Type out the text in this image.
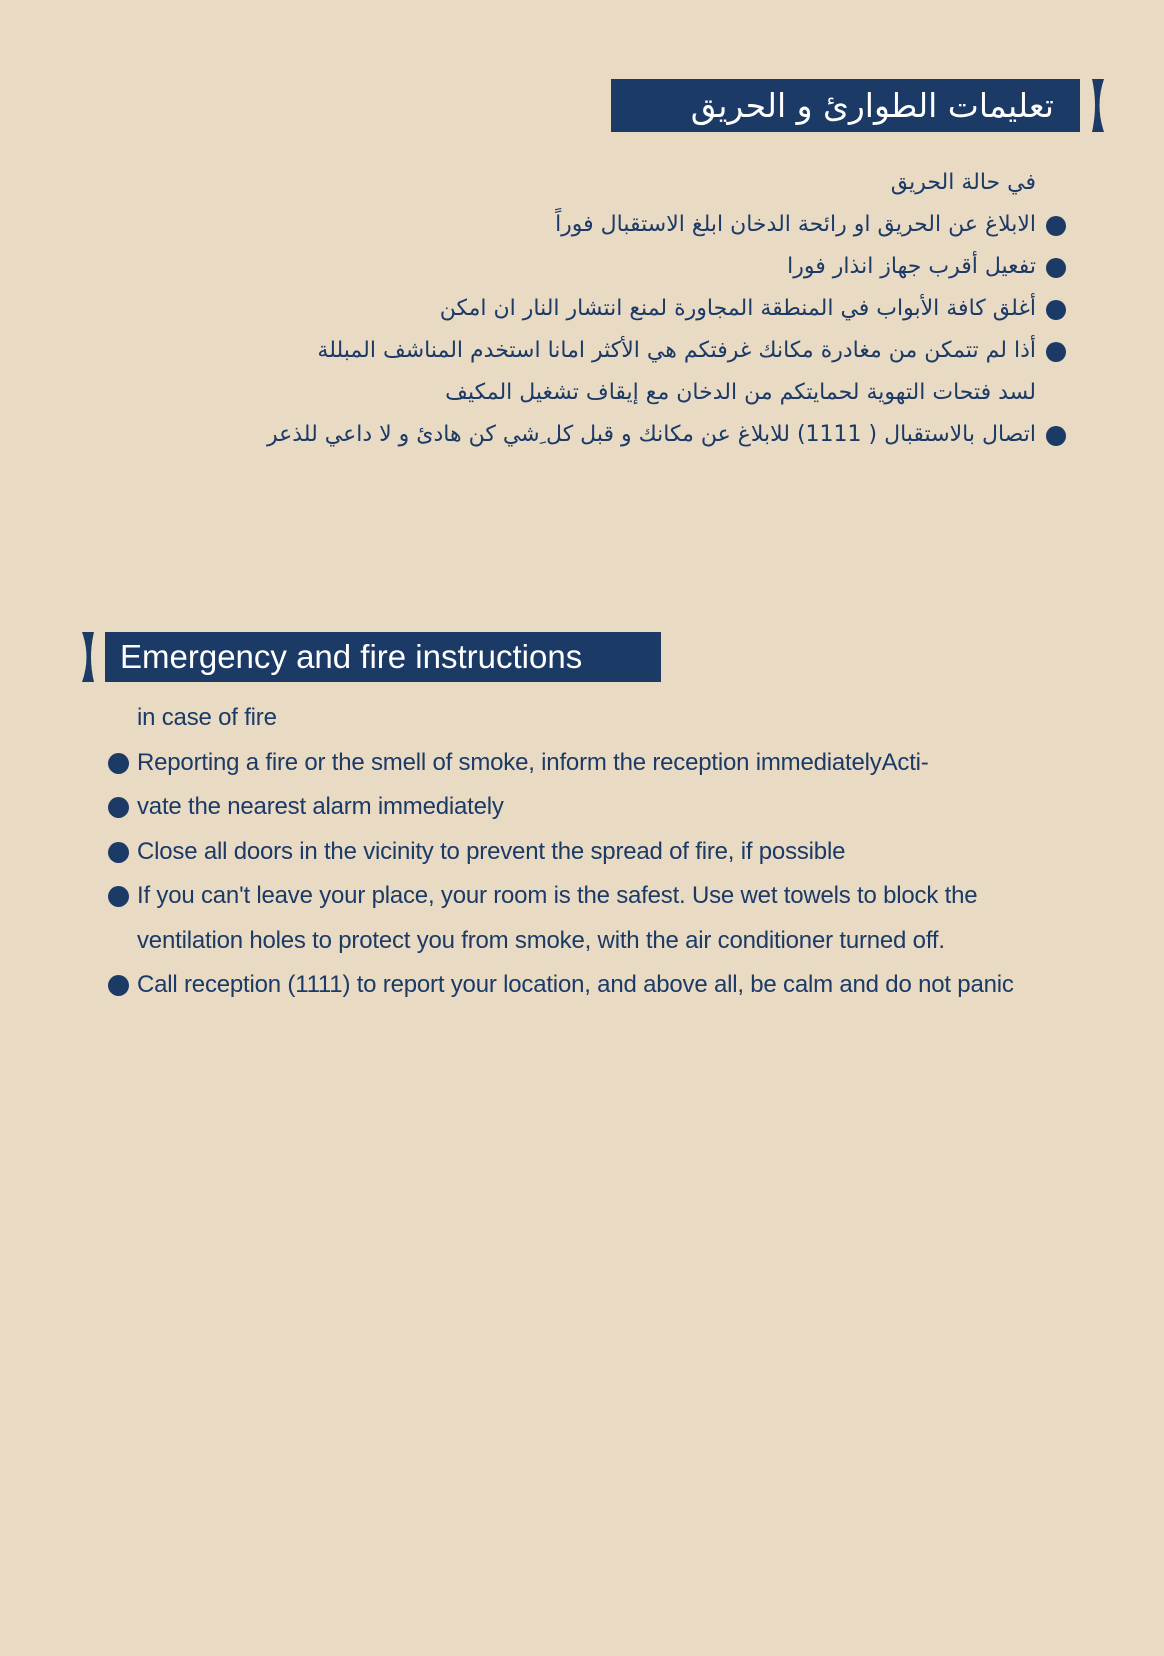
تعليمات الطوارئ و الحريق
في حالة الحريق
الابلاغ عن الحريق او رائحة الدخان ابلغ الاستقبال فوراً
تفعيل أقرب جهاز انذار فورا
أغلق كافة الأبواب في المنطقة المجاورة لمنع انتشار النار ان امكن
أذا لم تتمكن من مغادرة مكانك غرفتكم هي الأكثر امانا استخدم المناشف المبللة
لسد فتحات التهوية لحمايتكم من الدخان مع إيقاف تشغيل المكيف
اتصال بالاستقبال ( 1111) للابلاغ عن مكانك و قبل كل ِشي كن هادئ و لا داعي للذعر
Emergency and fire instructions
in case of fire
Reporting a fire or the smell of smoke, inform the reception immediatelyActi-
vate the nearest alarm immediately
Close all doors in the vicinity to prevent the spread of fire, if possible
If you can't leave your place, your room is the safest. Use wet towels to block the ventilation holes to protect you from smoke, with the air conditioner turned off.
Call reception (1111) to report your location, and above all, be calm and do not panic
